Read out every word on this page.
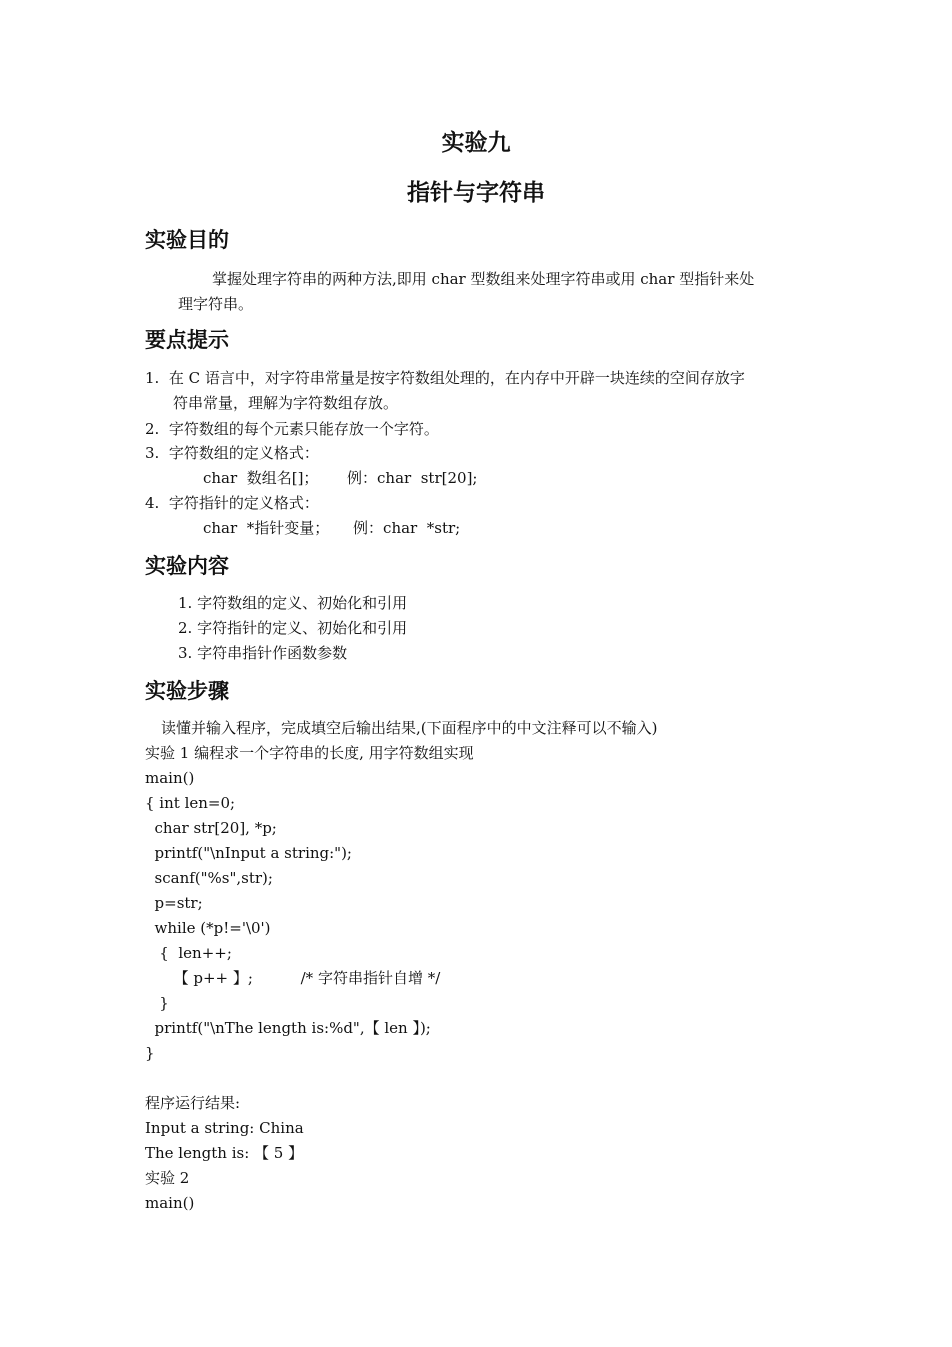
实验九
指针与字符串
实验目的
掌握处理字符串的两种方法,即用 char 型数组来处理字符串或用 char 型指针来处
理字符串。
要点提示
1.  在 C 语言中，对字符串常量是按字符数组处理的，在内存中开辟一块连续的空间存放字
符串常量，理解为字符数组存放。
2.  字符数组的每个元素只能存放一个字符。
3.  字符数组的定义格式：
char  数组名[]；      例：char  str[20];
4.  字符指针的定义格式：
char  *指针变量；     例：char  *str;
实验内容
1. 字符数组的定义、初始化和引用
2. 字符指针的定义、初始化和引用
3. 字符串指针作函数参数
实验步骤
读懂并输入程序，完成填空后输出结果,(下面程序中的中文注释可以不输入)
实验 1 编程求一个字符串的长度, 用字符数组实现
main()
{ int len=0;
char str[20], *p;
printf("\nInput a string:");
scanf("%s",str);
p=str;
while (*p!='\0')
{  len++;
【 p++ 】;          /* 字符串指针自增 */
}
printf("\nThe length is:%d",【 len 】);
}
程序运行结果:
Input a string: China
The length is: 【 5 】
实验 2
main()
